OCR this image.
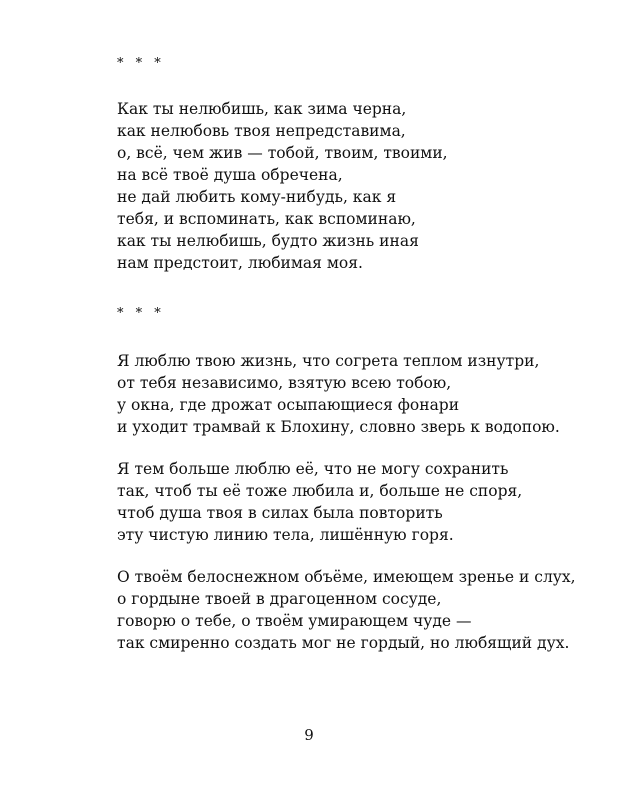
* * *
Как ты нелюбишь, как зима черна,
как нелюбовь твоя непредставима,
о, всё, чем жив — тобой, твоим, твоими,
на всё твоё душа обречена,
не дай любить кому-нибудь, как я
тебя, и вспоминать, как вспоминаю,
как ты нелюбишь, будто жизнь иная
нам предстоит, любимая моя.
* * *
Я люблю твою жизнь, что согрета теплом изнутри,
от тебя независимо, взятую всею тобою,
у окна, где дрожат осыпающиеся фонари
и уходит трамвай к Блохину, словно зверь к водопою.
Я тем больше люблю её, что не могу сохранить
так, чтоб ты её тоже любила и, больше не споря,
чтоб душа твоя в силах была повторить
эту чистую линию тела, лишённую горя.
О твоём белоснежном объёме, имеющем зренье и слух,
о гордыне твоей в драгоценном сосуде,
говорю о тебе, о твоём умирающем чуде —
так смиренно создать мог не гордый, но любящий дух.
9
